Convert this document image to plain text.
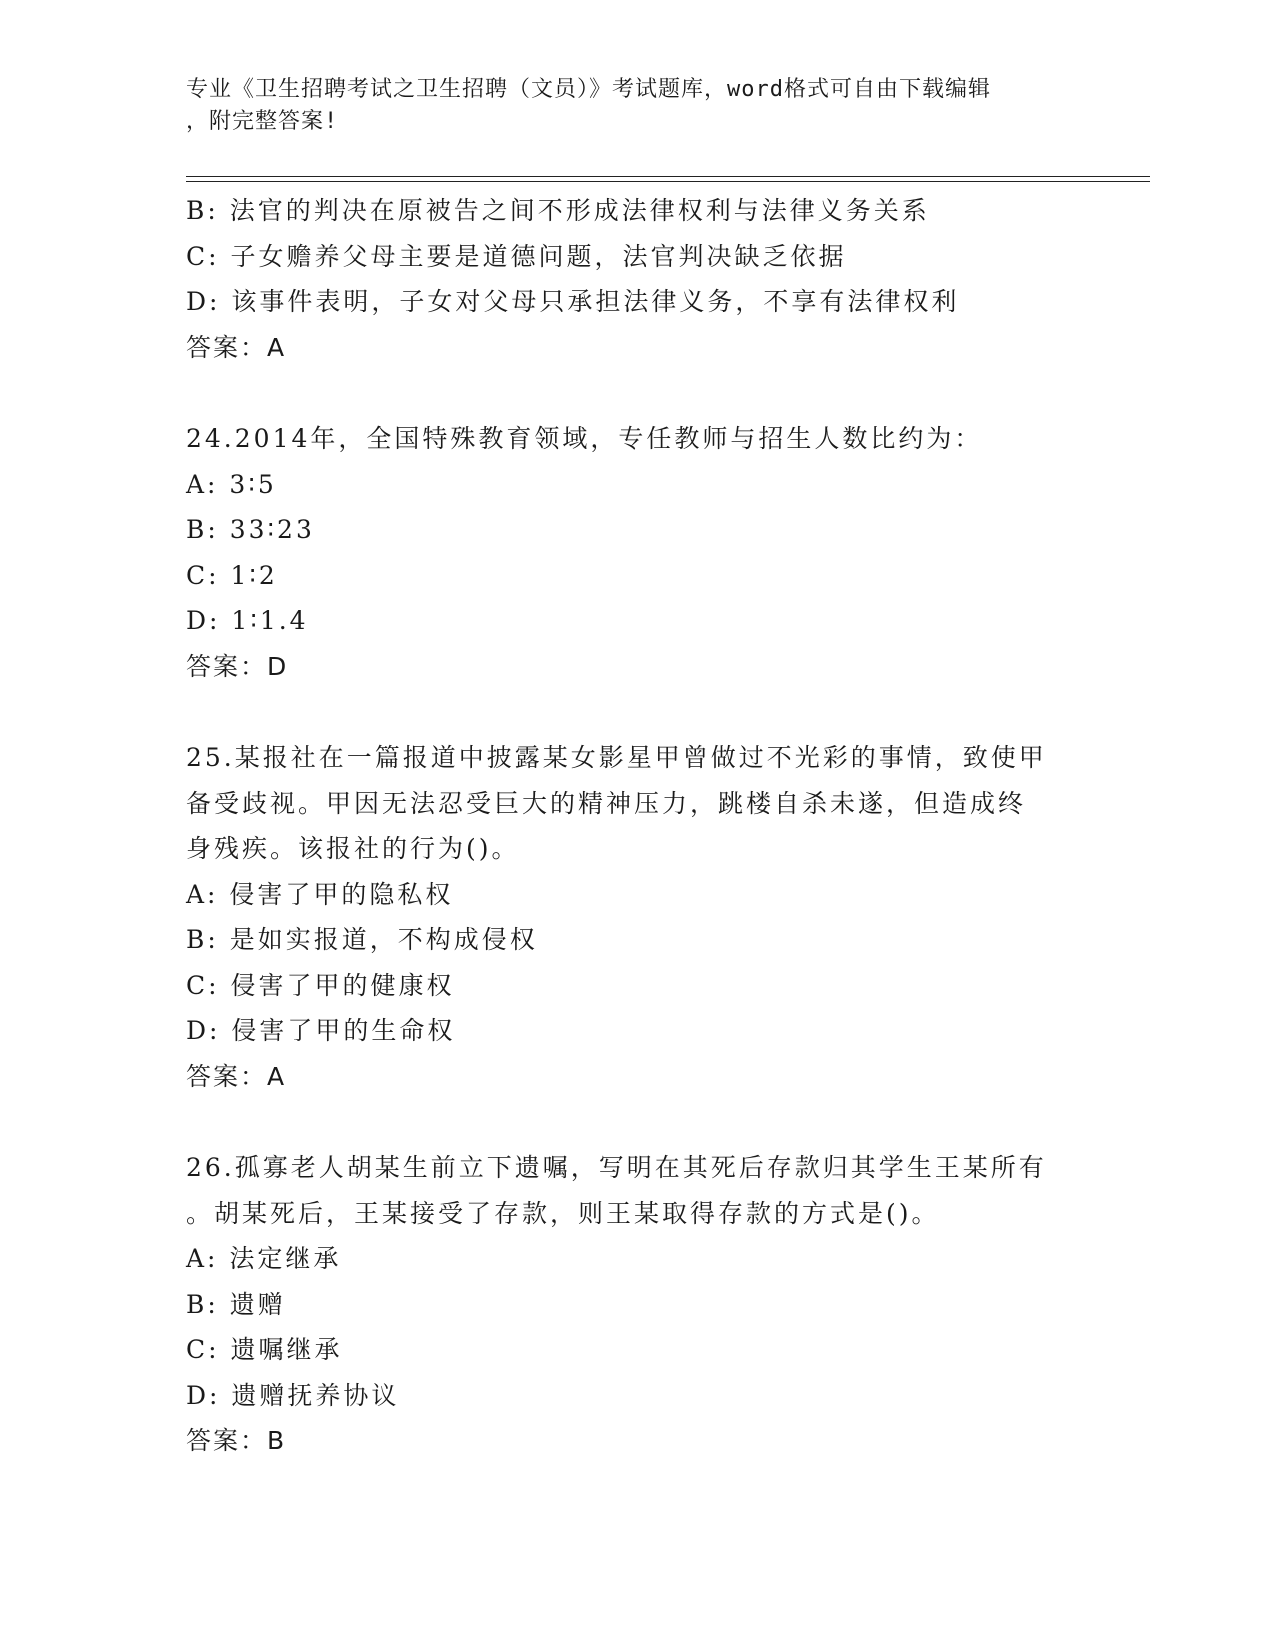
专业《卫生招聘考试之卫生招聘（文员）》考试题库，word格式可自由下载编辑
，附完整答案!
B: 法官的判决在原被告之间不形成法律权利与法律义务关系
C: 子女赡养父母主要是道德问题，法官判决缺乏依据
D: 该事件表明，子女对父母只承担法律义务，不享有法律权利
答案：A
24.2014年，全国特殊教育领域，专任教师与招生人数比约为：
A: 3∶5
B: 33∶23
C: 1∶2
D: 1∶1.4
答案：D
25.某报社在一篇报道中披露某女影星甲曾做过不光彩的事情，致使甲
备受歧视。甲因无法忍受巨大的精神压力，跳楼自杀未遂，但造成终
身残疾。该报社的行为()。
A: 侵害了甲的隐私权
B: 是如实报道，不构成侵权
C: 侵害了甲的健康权
D: 侵害了甲的生命权
答案：A
26.孤寡老人胡某生前立下遗嘱，写明在其死后存款归其学生王某所有
。胡某死后，王某接受了存款，则王某取得存款的方式是()。
A: 法定继承
B: 遗赠
C: 遗嘱继承
D: 遗赠抚养协议
答案：B
